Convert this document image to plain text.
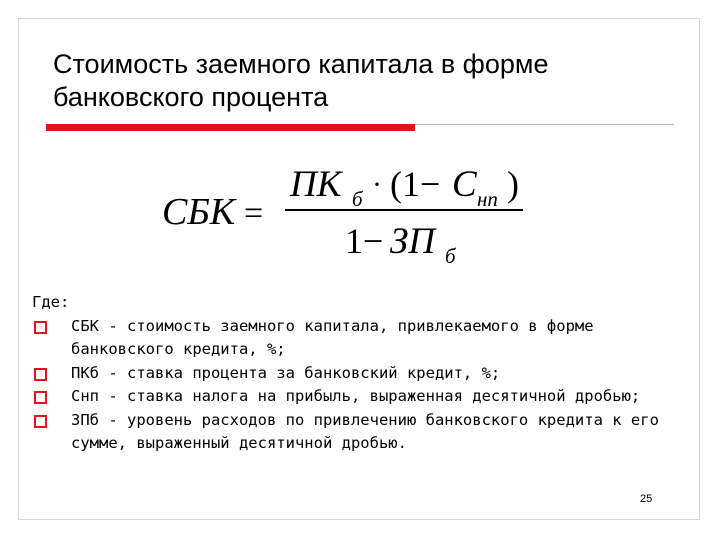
Стоимость заемного капитала в форме банковского процента
СБК =
ПК б · (1− С нп )
1− ЗП б
Где:
СБК - стоимость заемного капитала, привлекаемого в форме банковского кредита, %;
ПКб - ставка процента за банковский кредит, %;
Снп - ставка налога на прибыль, выраженная десятичной дробью;
ЗПб - уровень расходов по привлечению банковского кредита к его сумме, выраженный десятичной дробью.
25
